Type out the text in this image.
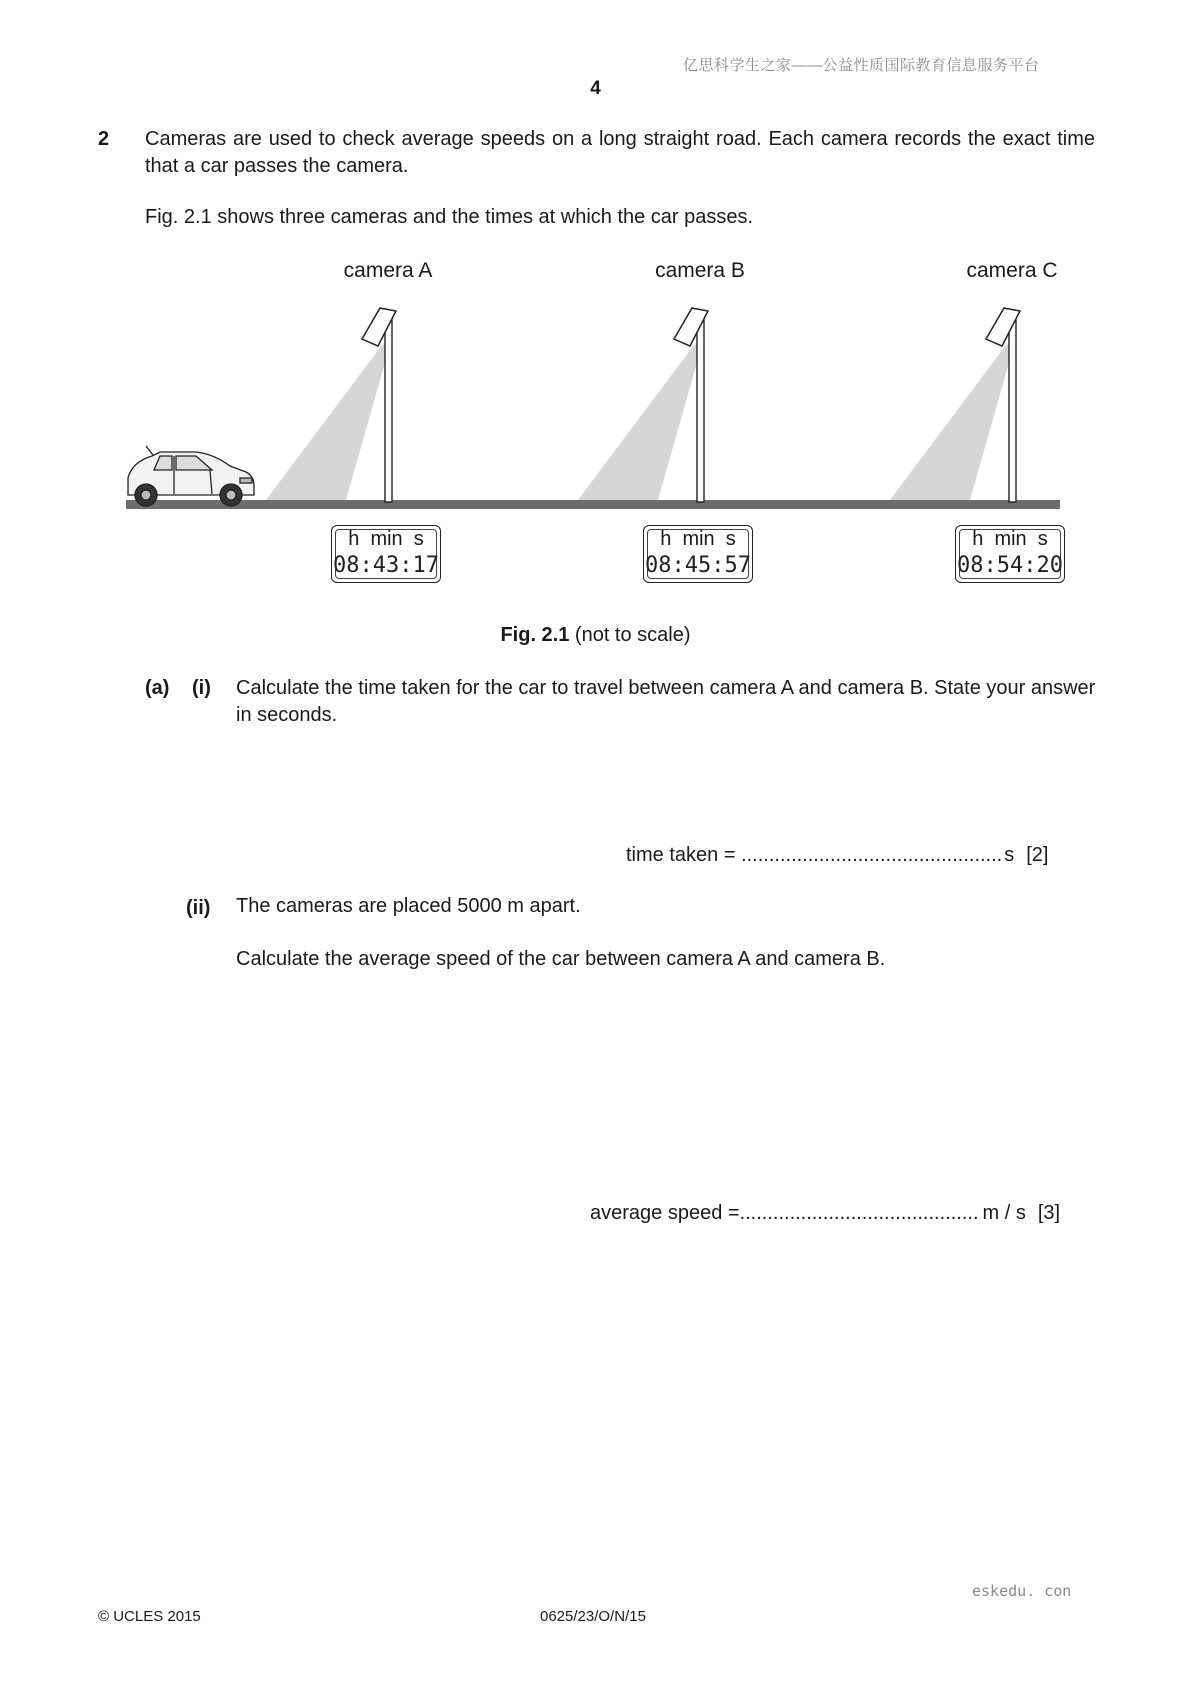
亿思科学生之家——公益性质国际教育信息服务平台
4
2 Cameras are used to check average speeds on a long straight road. Each camera records the exact time that a car passes the camera.
Fig. 2.1 shows three cameras and the times at which the car passes.
camera A	camera B	camera C
h  min  s
08:43:17
h  min  s
08:45:57
h  min  s
08:54:20
Fig. 2.1 (not to scale)
(a) (i) Calculate the time taken for the car to travel between camera A and camera B. State your answer in seconds.
time taken = ............................................... s [2]
(ii) The cameras are placed 5000 m apart.
Calculate the average speed of the car between camera A and camera B.
average speed =........................................... m / s [3]
eskedu. con
© UCLES 2015	0625/23/O/N/15
